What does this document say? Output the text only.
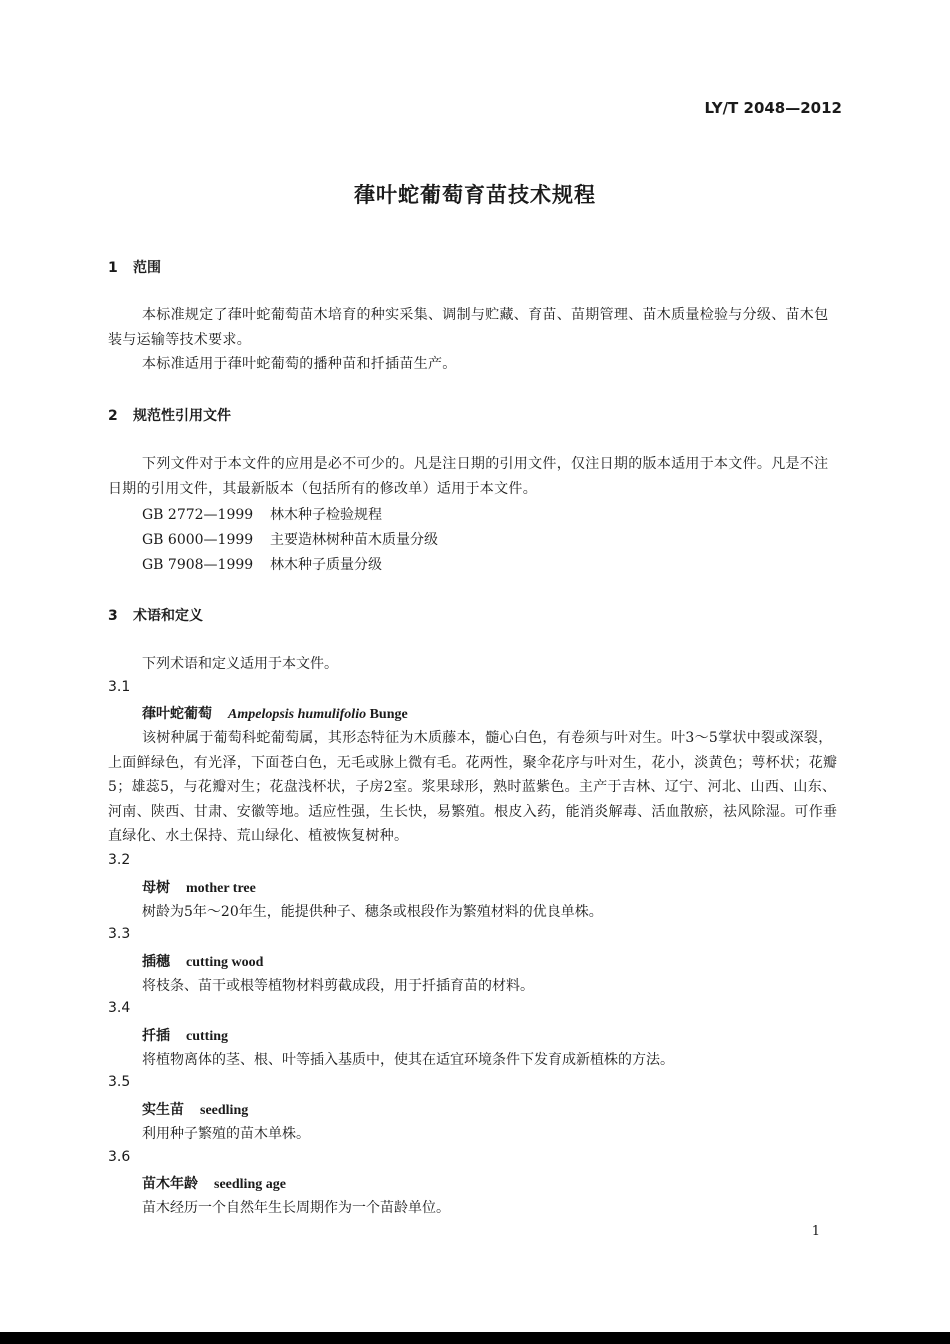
LY/T 2048—2012
葎叶蛇葡萄育苗技术规程
1 范围
本标准规定了葎叶蛇葡萄苗木培育的种实采集、调制与贮藏、育苗、苗期管理、苗木质量检验与分级、苗木包装与运输等技术要求。
本标准适用于葎叶蛇葡萄的播种苗和扦插苗生产。
2 规范性引用文件
下列文件对于本文件的应用是必不可少的。凡是注日期的引用文件，仅注日期的版本适用于本文件。凡是不注日期的引用文件，其最新版本（包括所有的修改单）适用于本文件。
GB 2772—1999 林木种子检验规程
GB 6000—1999 主要造林树种苗木质量分级
GB 7908—1999 林木种子质量分级
3 术语和定义
下列术语和定义适用于本文件。
3.1
葎叶蛇葡萄 Ampelopsis humulifolio Bunge
该树种属于葡萄科蛇葡萄属，其形态特征为木质藤本，髓心白色，有卷须与叶对生。叶3～5掌状中裂或深裂，上面鲜绿色，有光泽，下面苍白色，无毛或脉上微有毛。花两性，聚伞花序与叶对生，花小，淡黄色；萼杯状；花瓣5；雄蕊5，与花瓣对生；花盘浅杯状，子房2室。浆果球形，熟时蓝紫色。主产于吉林、辽宁、河北、山西、山东、河南、陕西、甘肃、安徽等地。适应性强，生长快，易繁殖。根皮入药，能消炎解毒、活血散瘀，祛风除湿。可作垂直绿化、水土保持、荒山绿化、植被恢复树种。
3.2
母树 mother tree
树龄为5年～20年生，能提供种子、穗条或根段作为繁殖材料的优良单株。
3.3
插穗 cutting wood
将枝条、苗干或根等植物材料剪截成段，用于扦插育苗的材料。
3.4
扦插 cutting
将植物离体的茎、根、叶等插入基质中，使其在适宜环境条件下发育成新植株的方法。
3.5
实生苗 seedling
利用种子繁殖的苗木单株。
3.6
苗木年龄 seedling age
苗木经历一个自然年生长周期作为一个苗龄单位。
1
